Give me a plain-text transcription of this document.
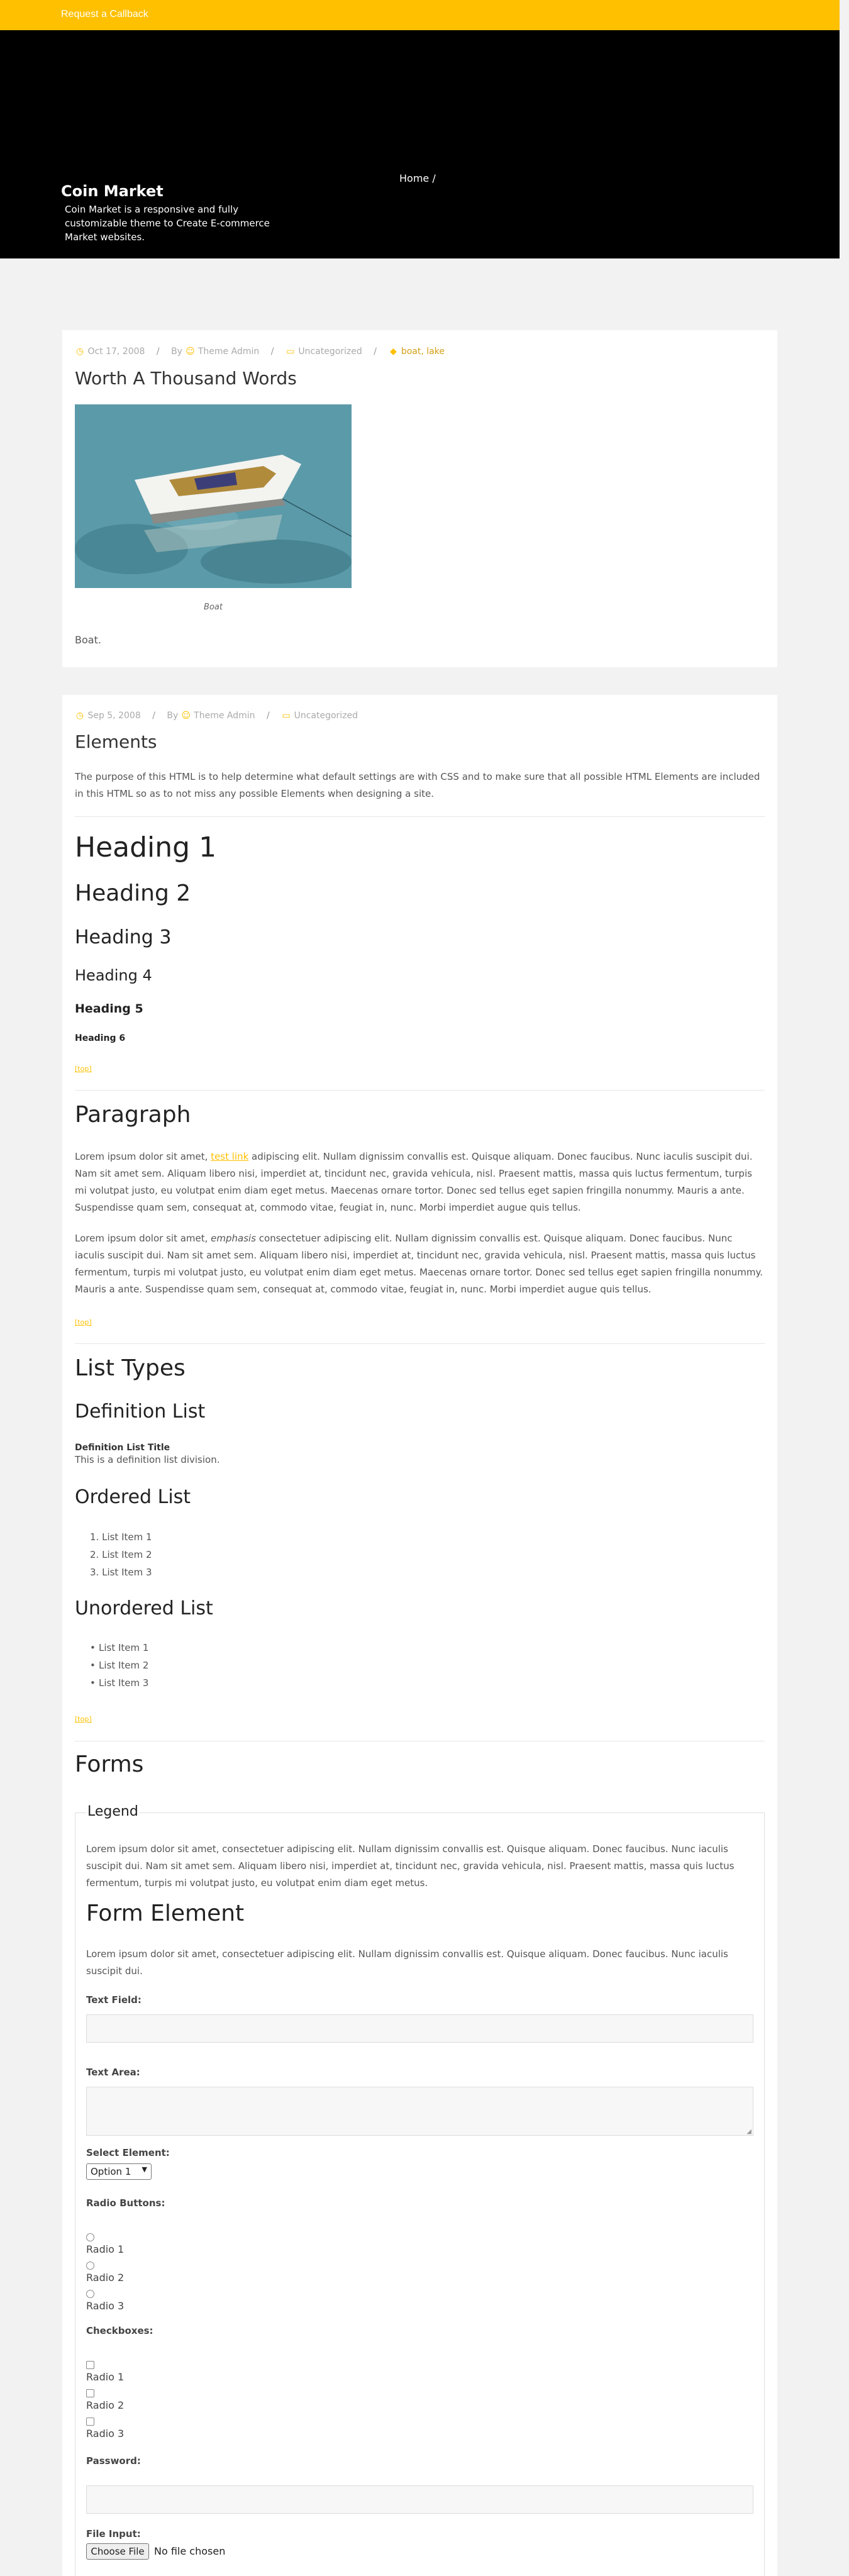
Request a Callback
Coin Market
Coin Market is a responsive and fully customizable theme to Create E-commerce Market websites.
Home /
◷ Oct 17, 2008 / By ☺ Theme Admin / ▭ Uncategorized / ◆ boat, lake
Worth A Thousand Words
Boat
Boat.
◷ Sep 5, 2008 / By ☺ Theme Admin / ▭ Uncategorized
Elements
The purpose of this HTML is to help determine what default settings are with CSS and to make sure that all possible HTML Elements are included in this HTML so as to not miss any possible Elements when designing a site.
Heading 1
Heading 2
Heading 3
Heading 4
Heading 5
Heading 6
[top]
Paragraph
Lorem ipsum dolor sit amet, test link adipiscing elit. Nullam dignissim convallis est. Quisque aliquam. Donec faucibus. Nunc iaculis suscipit dui. Nam sit amet sem. Aliquam libero nisi, imperdiet at, tincidunt nec, gravida vehicula, nisl. Praesent mattis, massa quis luctus fermentum, turpis mi volutpat justo, eu volutpat enim diam eget metus. Maecenas ornare tortor. Donec sed tellus eget sapien fringilla nonummy. Mauris a ante. Suspendisse quam sem, consequat at, commodo vitae, feugiat in, nunc. Morbi imperdiet augue quis tellus.
Lorem ipsum dolor sit amet, emphasis consectetuer adipiscing elit. Nullam dignissim convallis est. Quisque aliquam. Donec faucibus. Nunc iaculis suscipit dui. Nam sit amet sem. Aliquam libero nisi, imperdiet at, tincidunt nec, gravida vehicula, nisl. Praesent mattis, massa quis luctus fermentum, turpis mi volutpat justo, eu volutpat enim diam eget metus. Maecenas ornare tortor. Donec sed tellus eget sapien fringilla nonummy. Mauris a ante. Suspendisse quam sem, consequat at, commodo vitae, feugiat in, nunc. Morbi imperdiet augue quis tellus.
[top]
List Types
Definition List
Definition List Title
This is a definition list division.
Ordered List
1. List Item 1
2. List Item 2
3. List Item 3
Unordered List
• List Item 1
• List Item 2
• List Item 3
[top]
Forms
Legend
Lorem ipsum dolor sit amet, consectetuer adipiscing elit. Nullam dignissim convallis est. Quisque aliquam. Donec faucibus. Nunc iaculis suscipit dui. Nam sit amet sem. Aliquam libero nisi, imperdiet at, tincidunt nec, gravida vehicula, nisl. Praesent mattis, massa quis luctus fermentum, turpis mi volutpat justo, eu volutpat enim diam eget metus.
Form Element
Lorem ipsum dolor sit amet, consectetuer adipiscing elit. Nullam dignissim convallis est. Quisque aliquam. Donec faucibus. Nunc iaculis suscipit dui.
Text Field:
Text Area:
◢
Select Element:
Option 1 ▼
Radio Buttons:
Radio 1
Radio 2
Radio 3
Checkboxes:
Radio 1
Radio 2
Radio 3
Password:
File Input:
Choose File No file chosen
